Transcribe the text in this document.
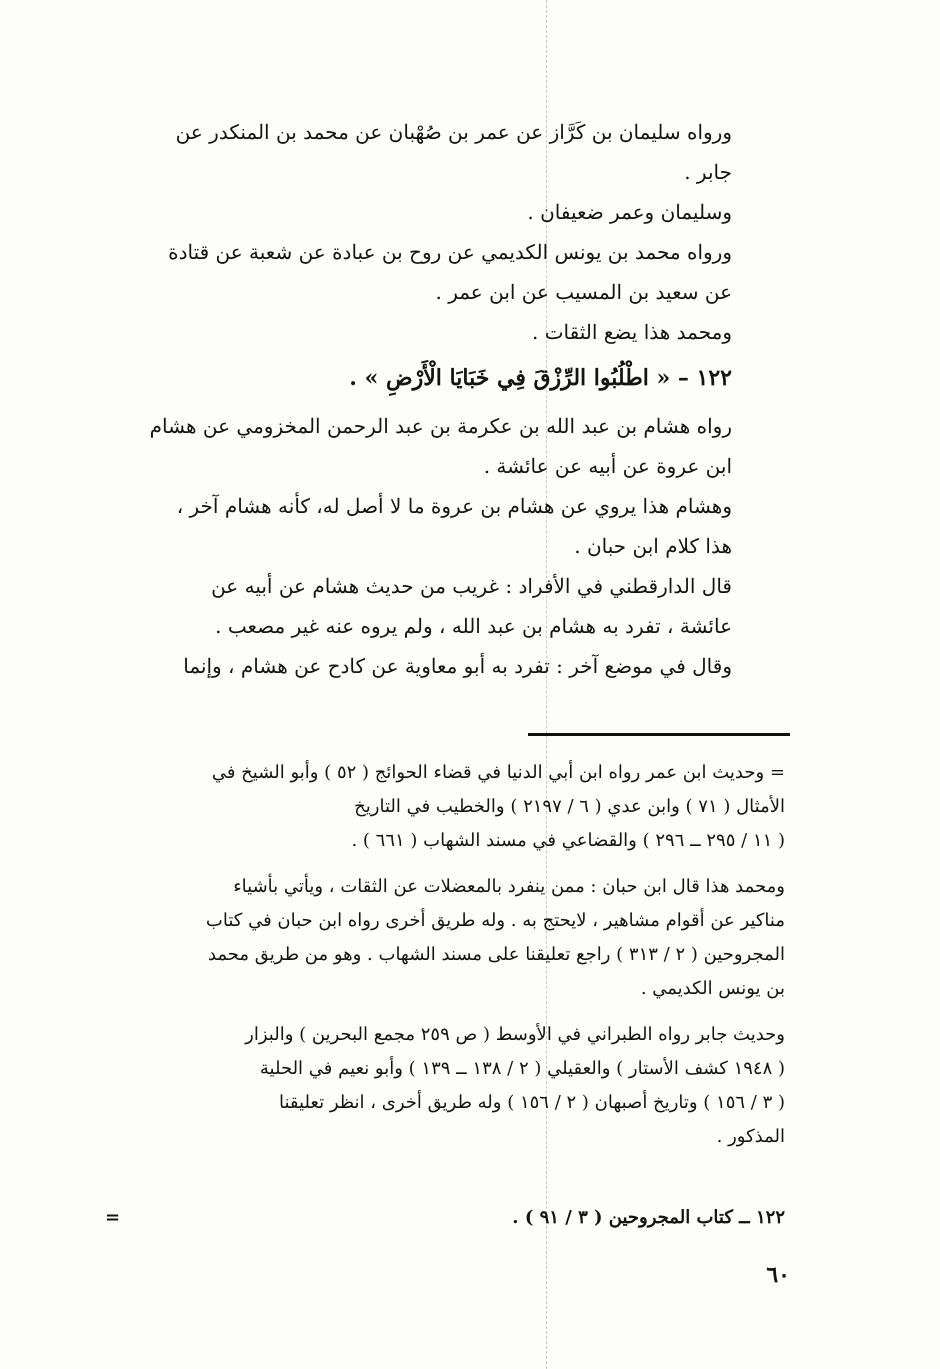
ورواه سليمان بن كَرَّاز عن عمر بن صُهْبان عن محمد بن المنكدر عن

جابر .

وسليمان وعمر ضعيفان .

ورواه محمد بن يونس الكديمي عن روح بن عبادة عن شعبة عن قتادة

عن سعيد بن المسيب عن ابن عمر .

ومحمد هذا يضع الثقات .

١٢٢ – « اطْلُبُوا الرِّزْقَ فِي خَبَايَا الْأَرْضِ » .

رواه هشام بن عبد الله بن عكرمة بن عبد الرحمن المخزومي عن هشام

ابن عروة عن أبيه عن عائشة .

وهشام هذا يروي عن هشام بن عروة ما لا أصل له، كأنه هشام آخر ،

هذا كلام ابن حبان .

قال الدارقطني في الأفراد : غريب من حديث هشام عن أبيه عن

عائشة ، تفرد به هشام بن عبد الله ، ولم يروه عنه غير مصعب .

وقال في موضع آخر : تفرد به أبو معاوية عن كادح عن هشام ، وإنما

= وحديث ابن عمر رواه ابن أبي الدنيا في قضاء الحوائج ( ٥٢ ) وأبو الشيخ في

الأمثال ( ٧١ ) وابن عدي ( ٦ / ٢١٩٧ ) والخطيب في التاريخ

( ١١ / ٢٩٥ ــ ٢٩٦ ) والقضاعي في مسند الشهاب ( ٦٦١ ) .

ومحمد هذا قال ابن حبان : ممن ينفرد بالمعضلات عن الثقات ، ويأتي بأشياء

مناكير عن أقوام مشاهير ، لايحتج به . وله طريق أخرى رواه ابن حبان في كتاب

المجروحين ( ٢ / ٣١٣ ) راجع تعليقنا على مسند الشهاب . وهو من طريق محمد

بن يونس الكديمي .

وحديث جابر رواه الطبراني في الأوسط ( ص ٢٥٩ مجمع البحرين ) والبزار

( ١٩٤٨ كشف الأستار ) والعقيلي ( ٢ / ١٣٨ ــ ١٣٩ ) وأبو نعيم في الحلية

( ٣ / ١٥٦ ) وتاريخ أصبهان ( ٢ / ١٥٦ ) وله طريق أخرى ، انظر تعليقنا

المذكور .

١٢٢ ــ كتاب المجروحين ( ٣ / ٩١ ) .
=
٦٠
